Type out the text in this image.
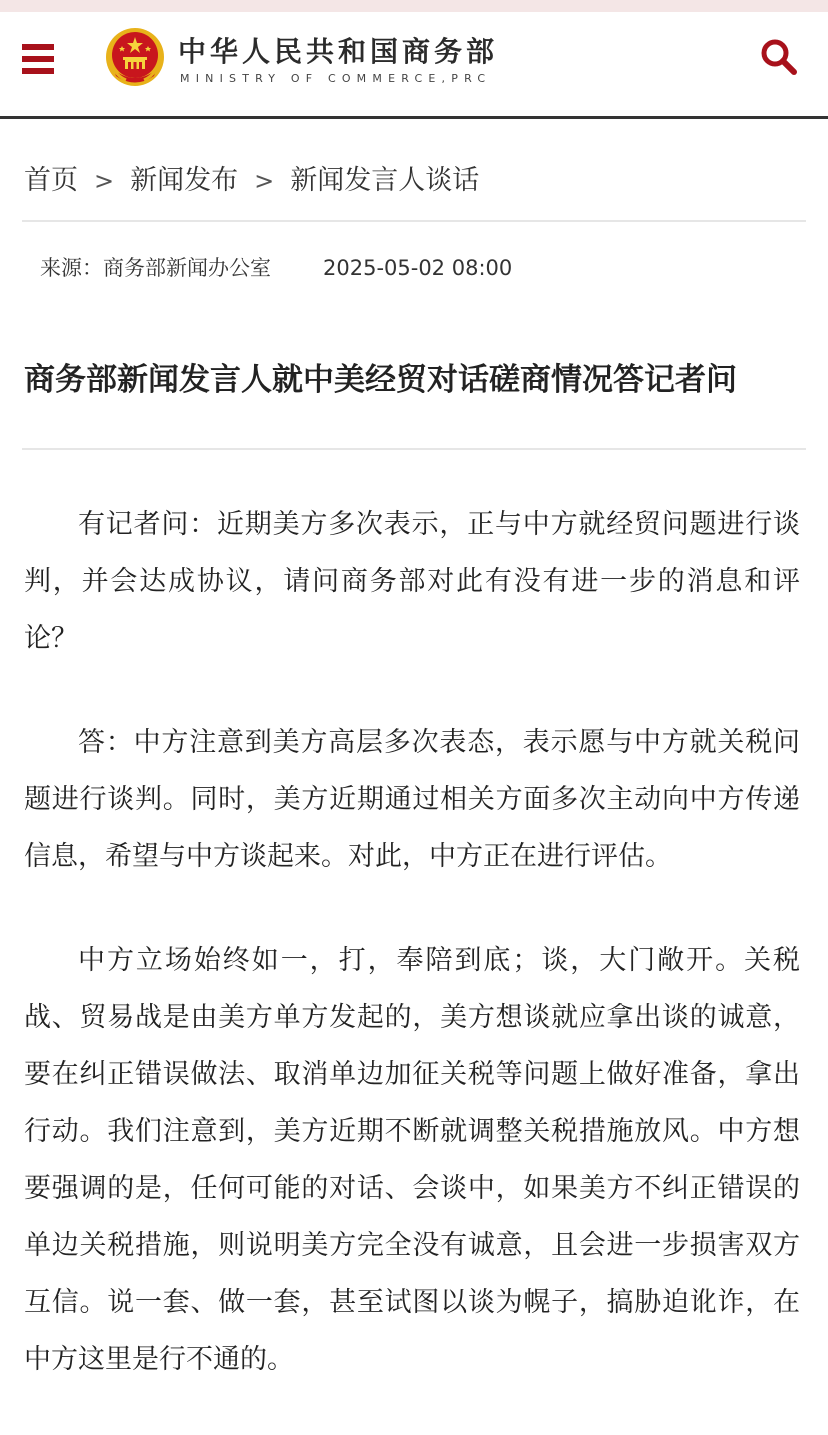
中华人民共和国商务部
MINISTRY OF COMMERCE,PRC
首页 > 新闻发布 > 新闻发言人谈话
来源：商务部新闻办公室 2025-05-02 08:00
商务部新闻发言人就中美经贸对话磋商情况答记者问

有记者问：近期美方多次表示，正与中方就经贸问题进行谈判，并会达成协议，请问商务部对此有没有进一步的消息和评论？

答：中方注意到美方高层多次表态，表示愿与中方就关税问题进行谈判。同时，美方近期通过相关方面多次主动向中方传递信息，希望与中方谈起来。对此，中方正在进行评估。

中方立场始终如一，打，奉陪到底；谈，大门敞开。关税战、贸易战是由美方单方发起的，美方想谈就应拿出谈的诚意，要在纠正错误做法、取消单边加征关税等问题上做好准备，拿出行动。我们注意到，美方近期不断就调整关税措施放风。中方想要强调的是，任何可能的对话、会谈中，如果美方不纠正错误的单边关税措施，则说明美方完全没有诚意，且会进一步损害双方互信。说一套、做一套，甚至试图以谈为幌子，搞胁迫讹诈，在中方这里是行不通的。
